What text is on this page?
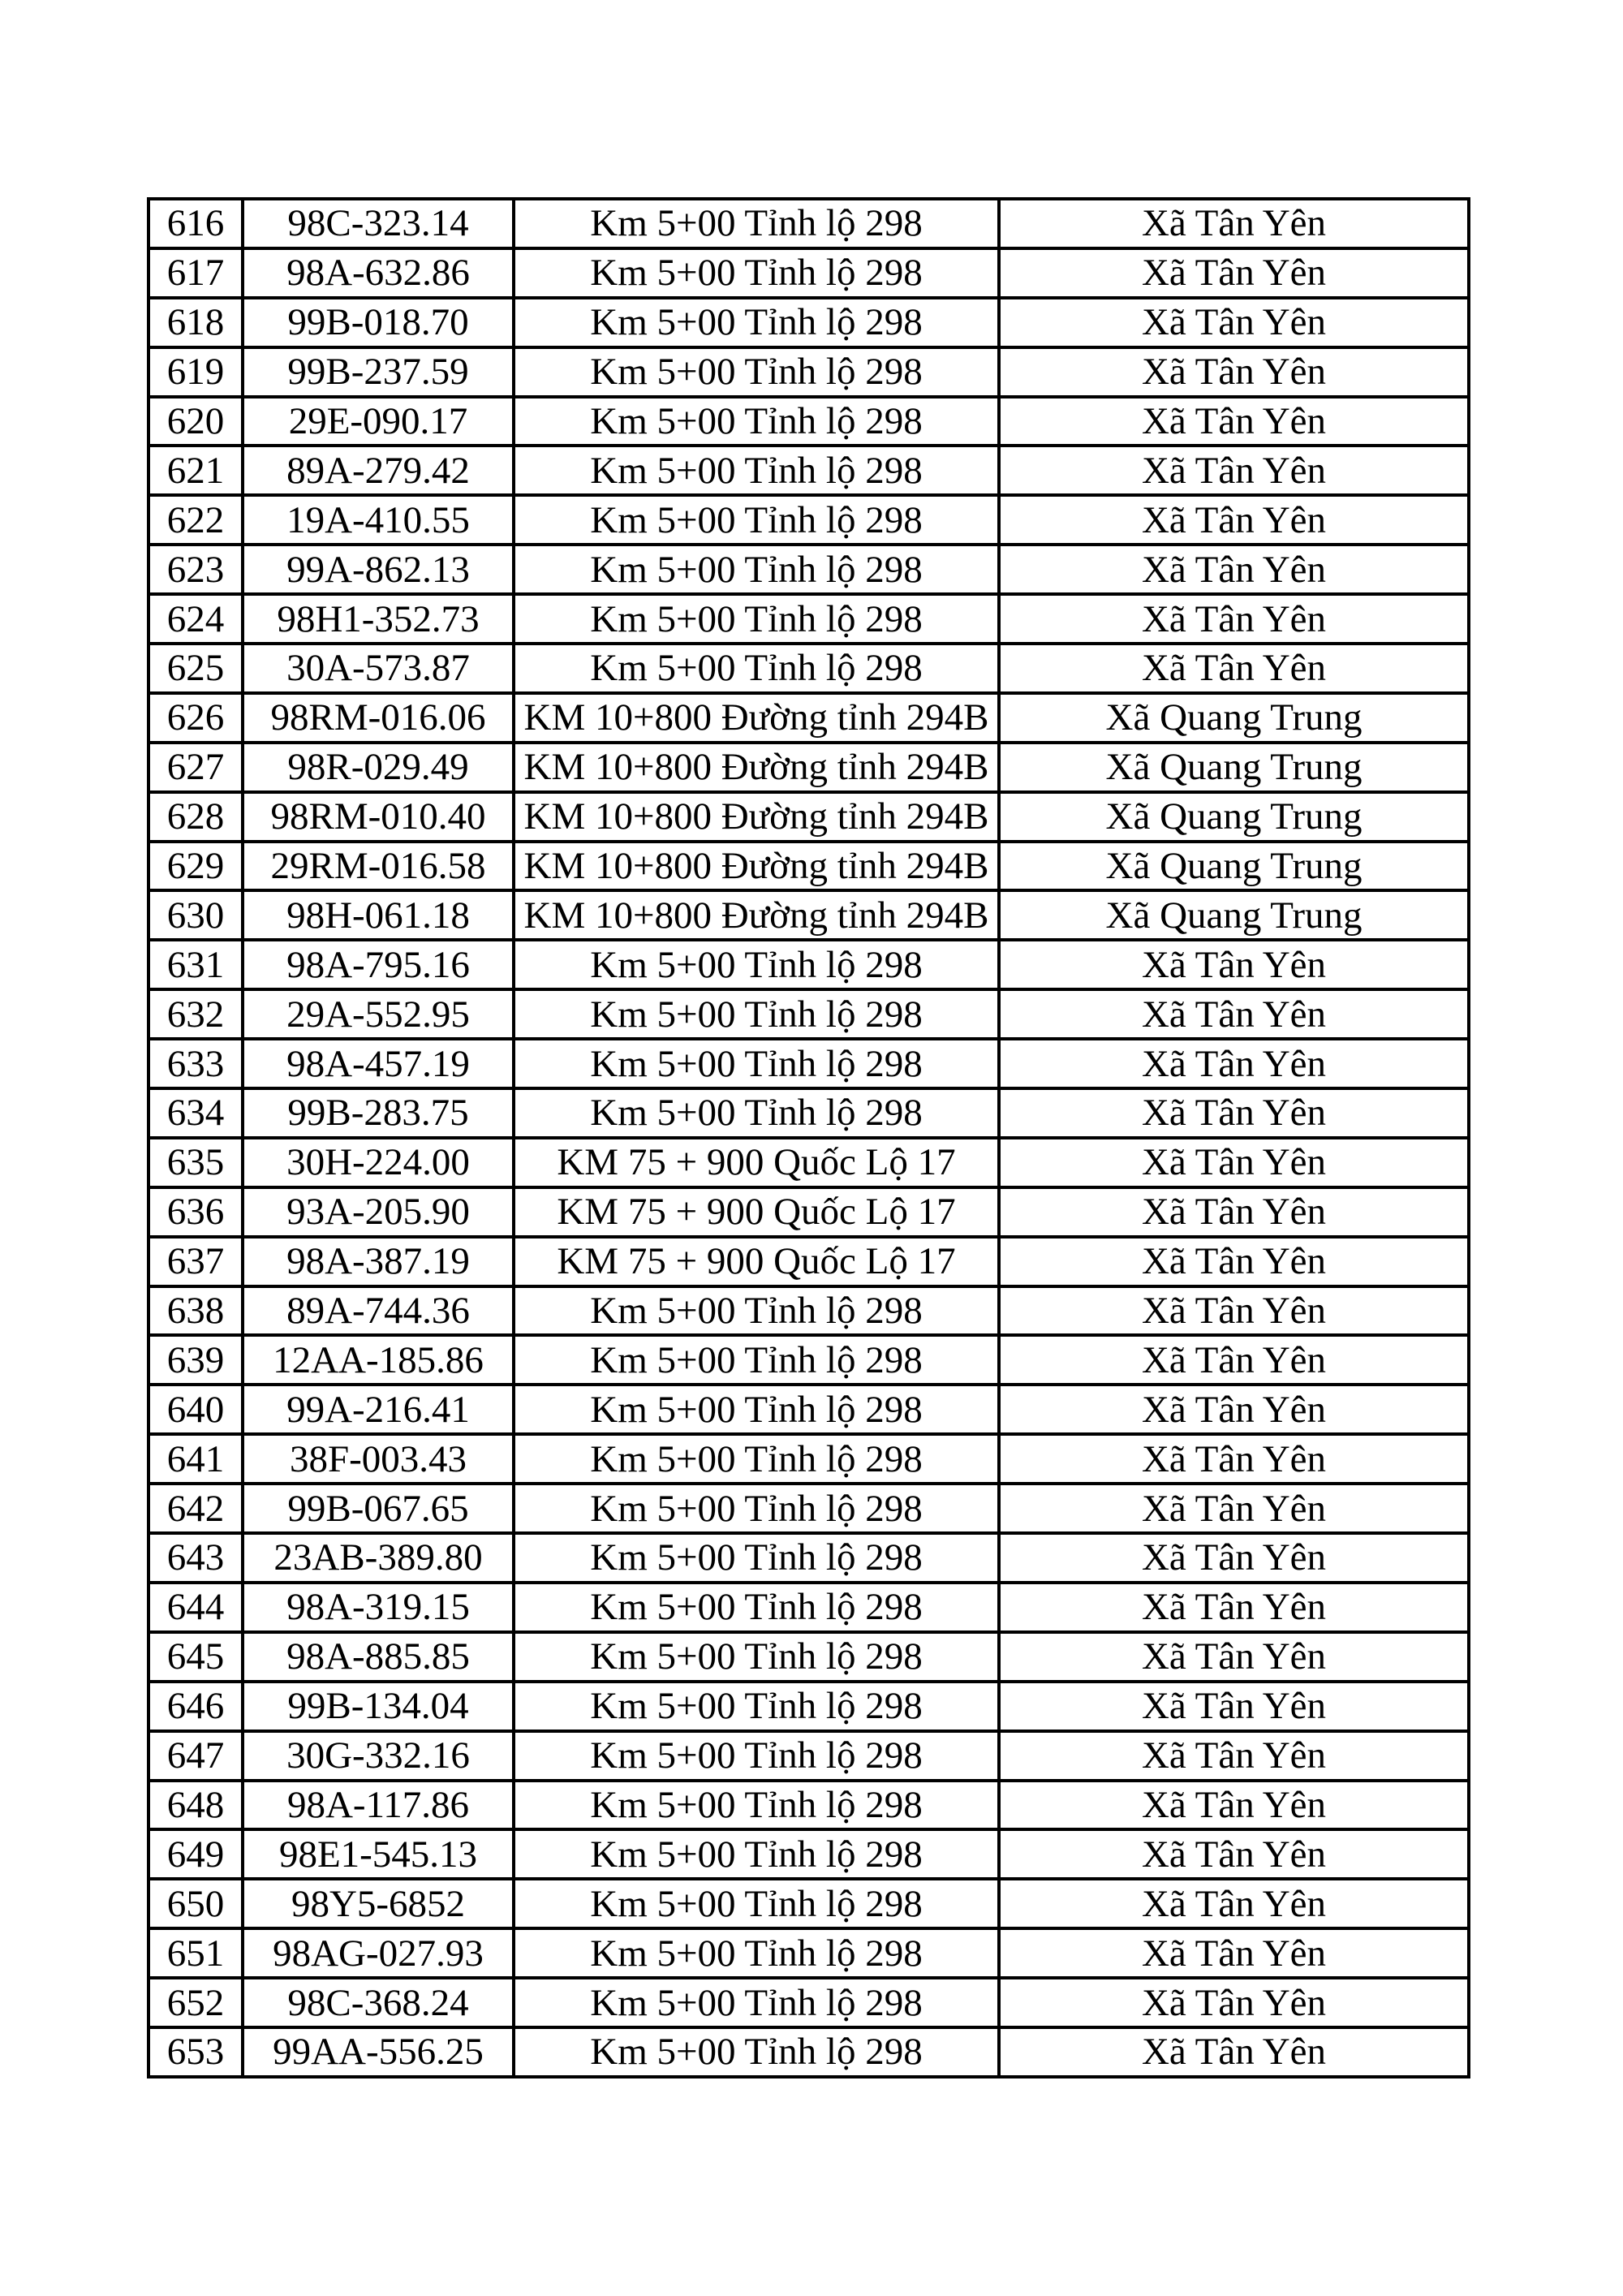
616	98C-323.14	Km 5+00 Tỉnh lộ 298	Xã Tân Yên
617	98A-632.86	Km 5+00 Tỉnh lộ 298	Xã Tân Yên
618	99B-018.70	Km 5+00 Tỉnh lộ 298	Xã Tân Yên
619	99B-237.59	Km 5+00 Tỉnh lộ 298	Xã Tân Yên
620	29E-090.17	Km 5+00 Tỉnh lộ 298	Xã Tân Yên
621	89A-279.42	Km 5+00 Tỉnh lộ 298	Xã Tân Yên
622	19A-410.55	Km 5+00 Tỉnh lộ 298	Xã Tân Yên
623	99A-862.13	Km 5+00 Tỉnh lộ 298	Xã Tân Yên
624	98H1-352.73	Km 5+00 Tỉnh lộ 298	Xã Tân Yên
625	30A-573.87	Km 5+00 Tỉnh lộ 298	Xã Tân Yên
626	98RM-016.06	KM 10+800 Đường tỉnh 294B	Xã Quang Trung
627	98R-029.49	KM 10+800 Đường tỉnh 294B	Xã Quang Trung
628	98RM-010.40	KM 10+800 Đường tỉnh 294B	Xã Quang Trung
629	29RM-016.58	KM 10+800 Đường tỉnh 294B	Xã Quang Trung
630	98H-061.18	KM 10+800 Đường tỉnh 294B	Xã Quang Trung
631	98A-795.16	Km 5+00 Tỉnh lộ 298	Xã Tân Yên
632	29A-552.95	Km 5+00 Tỉnh lộ 298	Xã Tân Yên
633	98A-457.19	Km 5+00 Tỉnh lộ 298	Xã Tân Yên
634	99B-283.75	Km 5+00 Tỉnh lộ 298	Xã Tân Yên
635	30H-224.00	KM 75 + 900 Quốc Lộ 17	Xã Tân Yên
636	93A-205.90	KM 75 + 900 Quốc Lộ 17	Xã Tân Yên
637	98A-387.19	KM 75 + 900 Quốc Lộ 17	Xã Tân Yên
638	89A-744.36	Km 5+00 Tỉnh lộ 298	Xã Tân Yên
639	12AA-185.86	Km 5+00 Tỉnh lộ 298	Xã Tân Yên
640	99A-216.41	Km 5+00 Tỉnh lộ 298	Xã Tân Yên
641	38F-003.43	Km 5+00 Tỉnh lộ 298	Xã Tân Yên
642	99B-067.65	Km 5+00 Tỉnh lộ 298	Xã Tân Yên
643	23AB-389.80	Km 5+00 Tỉnh lộ 298	Xã Tân Yên
644	98A-319.15	Km 5+00 Tỉnh lộ 298	Xã Tân Yên
645	98A-885.85	Km 5+00 Tỉnh lộ 298	Xã Tân Yên
646	99B-134.04	Km 5+00 Tỉnh lộ 298	Xã Tân Yên
647	30G-332.16	Km 5+00 Tỉnh lộ 298	Xã Tân Yên
648	98A-117.86	Km 5+00 Tỉnh lộ 298	Xã Tân Yên
649	98E1-545.13	Km 5+00 Tỉnh lộ 298	Xã Tân Yên
650	98Y5-6852	Km 5+00 Tỉnh lộ 298	Xã Tân Yên
651	98AG-027.93	Km 5+00 Tỉnh lộ 298	Xã Tân Yên
652	98C-368.24	Km 5+00 Tỉnh lộ 298	Xã Tân Yên
653	99AA-556.25	Km 5+00 Tỉnh lộ 298	Xã Tân Yên
